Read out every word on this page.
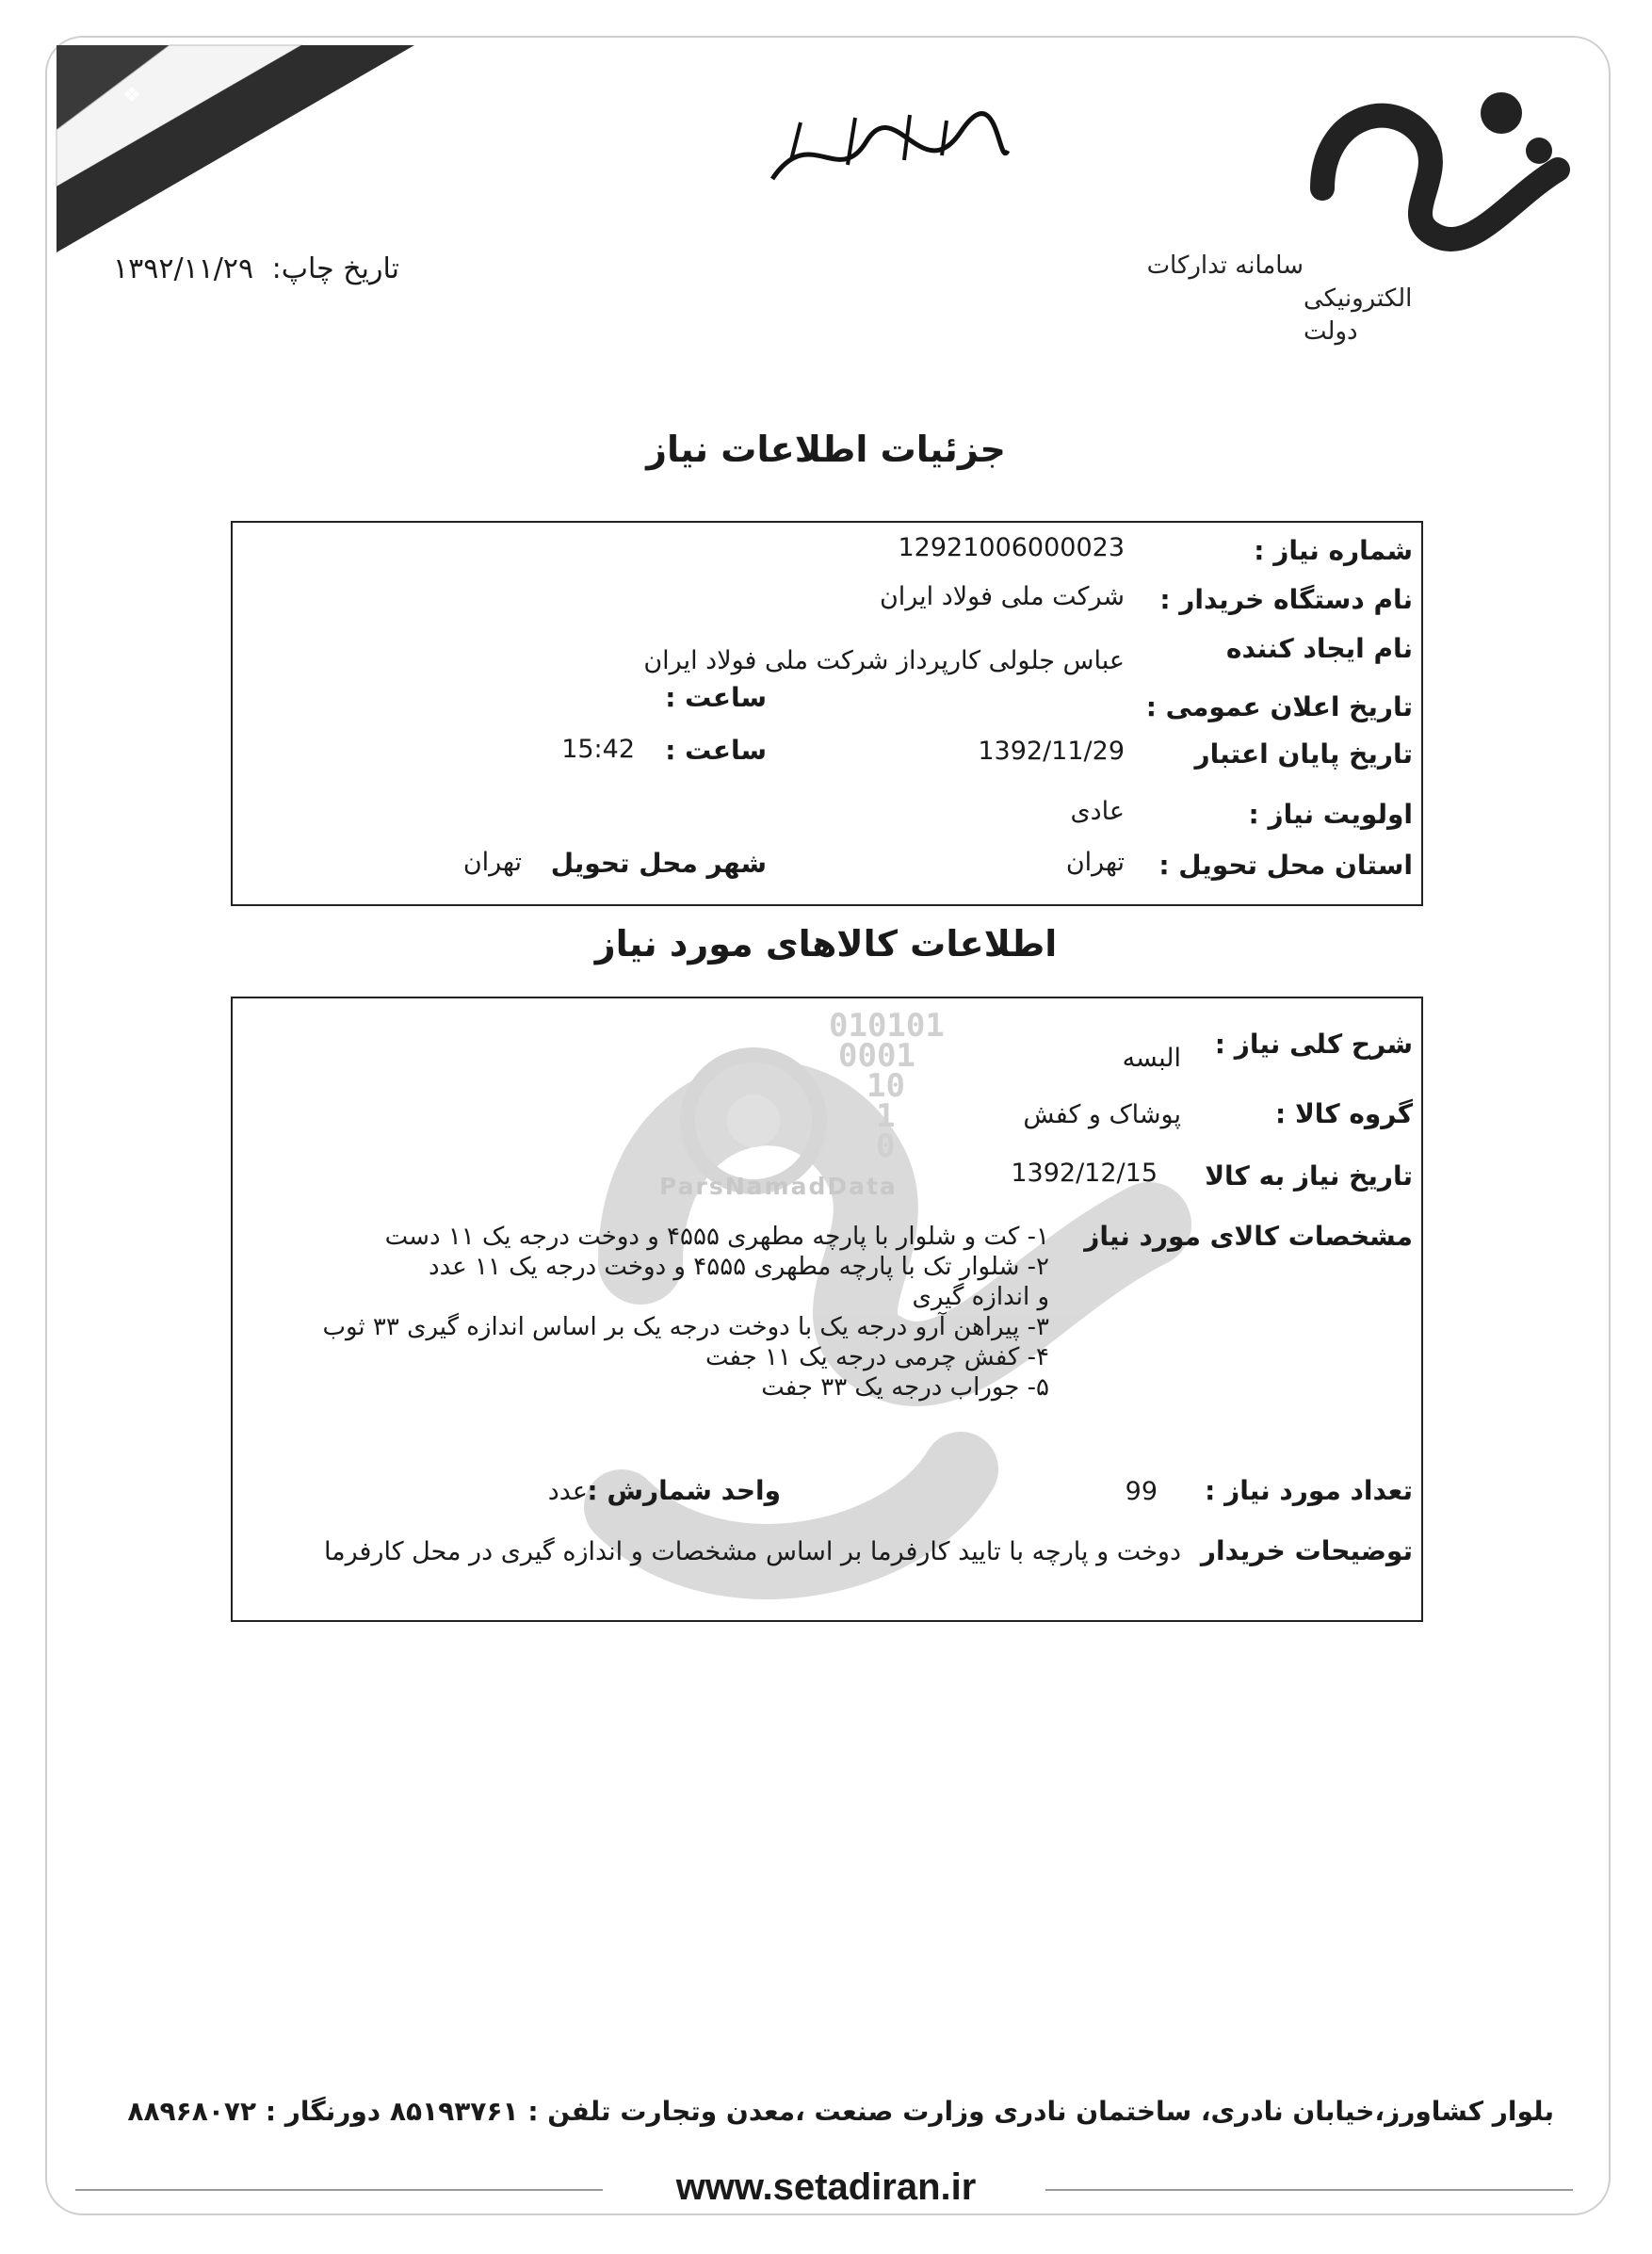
❖
سامانه تدارکات
الکترونیکی
دولت
تاریخ چاپ: ۱۳۹۲/۱۱/۲۹
جزئیات اطلاعات نیاز
شماره نیاز :
12921006000023
نام دستگاه خریدار :
شرکت ملی فولاد ایران
نام ایجاد کننده
عباس جلولی کارپرداز شرکت ملی فولاد ایران
تاریخ اعلان عمومی :
ساعت :
تاریخ پایان اعتبار
1392/11/29
ساعت :
15:42
اولویت نیاز :
عادی
استان محل تحویل :
تهران
شهر محل تحویل
تهران
اطلاعات کالاهای مورد نیاز
010101
0001
10
1
0
ParsNamadData
شرح کلی نیاز :
البسه
گروه کالا :
پوشاک و کفش
تاریخ نیاز به کالا
1392/12/15
مشخصات کالای مورد نیاز
۱- کت و شلوار با پارچه مطهری ۴۵۵۵ و دوخت درجه یک ۱۱ دست
۲- شلوار تک با پارچه مطهری ۴۵۵۵ و دوخت درجه یک ۱۱ عدد
و اندازه گیری
۳- پیراهن آرو درجه یک با دوخت درجه یک بر اساس اندازه گیری ۳۳ ثوب
۴- کفش چرمی درجه یک ۱۱ جفت
۵- جوراب درجه یک ۳۳ جفت
تعداد مورد نیاز :
99
واحد شمارش :
عدد
توضیحات خریدار
دوخت و پارچه با تایید کارفرما بر اساس مشخصات و اندازه گیری در محل کارفرما
بلوار کشاورز،خیابان نادری، ساختمان نادری وزارت صنعت ،معدن وتجارت تلفن : ۸۵۱۹۳۷۶۱ دورنگار : ۸۸۹۶۸۰۷۲
www.setadiran.ir
